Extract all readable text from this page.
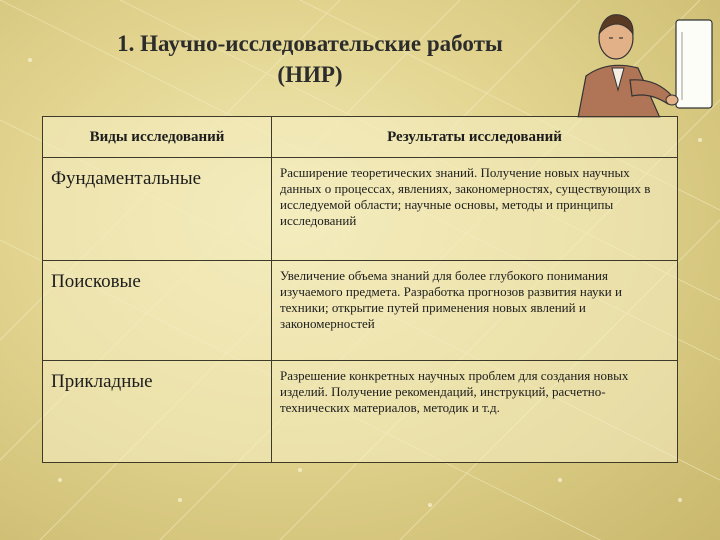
1. Научно-исследовательские работы
(НИР)
Виды исследований	Результаты исследований
Фундаментальные	Расширение теоретических знаний. Получение новых научных данных о процессах, явлениях, закономерностях, существующих в исследуемой области; научные основы, методы и принципы исследований
Поисковые	Увеличение объема знаний для более глубокого понимания изучаемого предмета. Разработка прогнозов развития науки и техники; открытие путей применения новых явлений и закономерностей
Прикладные	Разрешение конкретных научных проблем для создания новых изделий. Получение рекомендаций, инструкций, расчетно-технических материалов, методик и т.д.
